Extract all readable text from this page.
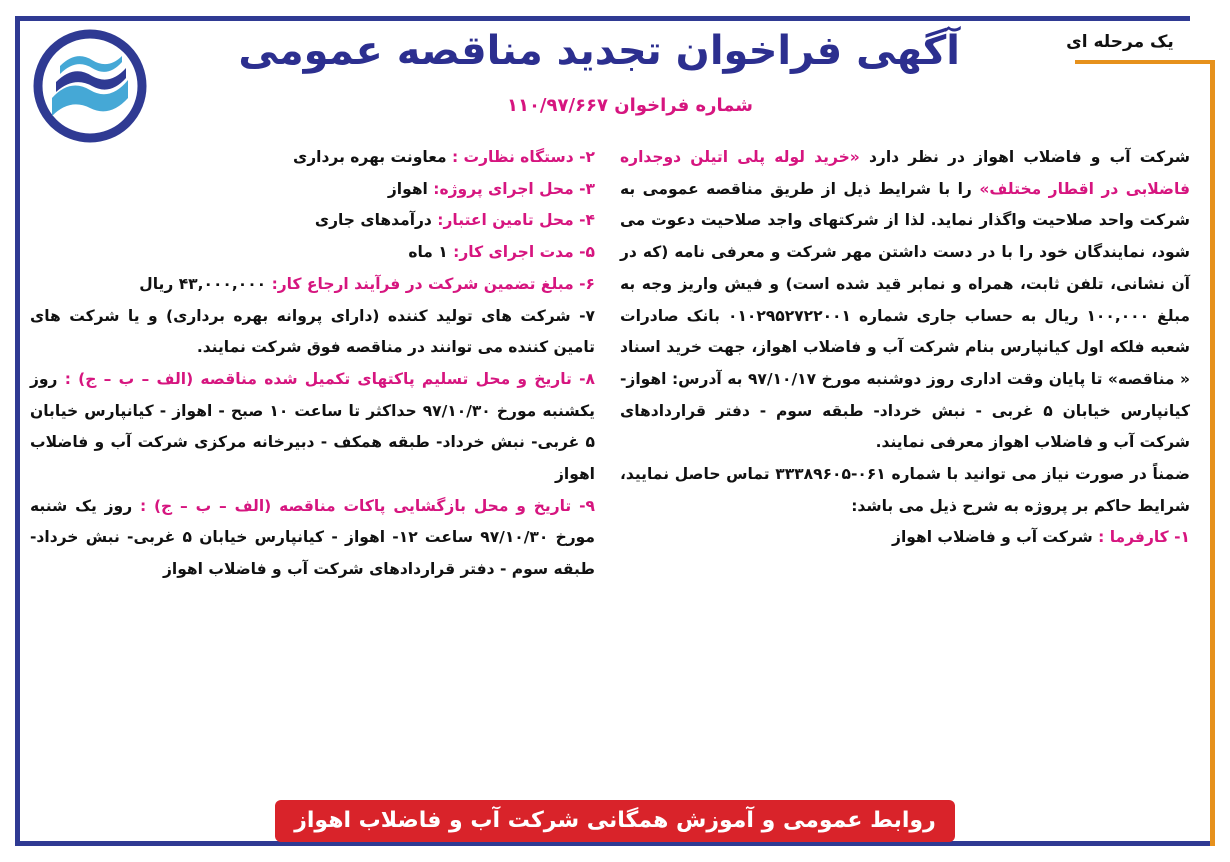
یک مرحله ای
آگهی فراخوان تجدید مناقصه عمومی
شماره فراخوان ۱۱۰/۹۷/۶۶۷

شرکت آب و فاضلاب اهواز در نظر دارد «خرید لوله پلی اتیلن دوجداره فاضلابی در اقطار مختلف» را با شرایط ذیل از طریق مناقصه عمومی به شرکت واحد صلاحیت واگذار نماید. لذا از شرکتهای واجد صلاحیت دعوت می شود، نمایندگان خود را با در دست داشتن مهر شرکت و معرفی نامه (که در آن نشانی، تلفن ثابت، همراه و نمابر قید شده است) و فیش واریز وجه به مبلغ ۱۰۰,۰۰۰ ریال به حساب جاری شماره ۰۱۰۲۹۵۲۷۲۲۰۰۱ بانک صادرات شعبه فلکه اول کیانپارس بنام شرکت آب و فاضلاب اهواز، جهت خرید اسناد « مناقصه» تا پایان وقت اداری روز دوشنبه مورخ ۹۷/۱۰/۱۷ به آدرس: اهواز- کیانپارس خیابان ۵ غربی - نبش خرداد- طبقه سوم - دفتر قراردادهای شرکت آب و فاضلاب اهواز معرفی نمایند.

ضمناً در صورت نیاز می توانید با شماره ۰۶۱-۳۳۳۸۹۶۰۵ تماس حاصل نمایید، شرایط حاکم بر پروژه به شرح ذیل می باشد:

۱- کارفرما : شرکت آب و فاضلاب اهواز

۲- دستگاه نظارت : معاونت بهره برداری

۳- محل اجرای پروژه: اهواز

۴- محل تامین اعتبار: درآمدهای جاری

۵- مدت اجرای کار: ۱ ماه

۶- مبلغ تضمین شرکت در فرآیند ارجاع کار: ۴۳,۰۰۰,۰۰۰ ریال

۷- شرکت های تولید کننده (دارای پروانه بهره برداری) و یا شرکت های تامین کننده می توانند در مناقصه فوق شرکت نمایند.

۸- تاریخ و محل تسلیم پاکتهای تکمیل شده مناقصه (الف – ب – ج) : روز یکشنبه مورخ ۹۷/۱۰/۳۰ حداکثر تا ساعت ۱۰ صبح - اهواز - کیانپارس خیابان ۵ غربی- نبش خرداد- طبقه همکف - دبیرخانه مرکزی شرکت آب و فاضلاب اهواز

۹- تاریخ و محل بازگشایی پاکات مناقصه (الف – ب – ج) : روز یک شنبه مورخ ۹۷/۱۰/۳۰ ساعت ۱۲- اهواز - کیانپارس خیابان ۵ غربی- نبش خرداد- طبقه سوم - دفتر قراردادهای شرکت آب و فاضلاب اهواز

روابط عمومی و آموزش همگانی شرکت آب و فاضلاب اهواز
